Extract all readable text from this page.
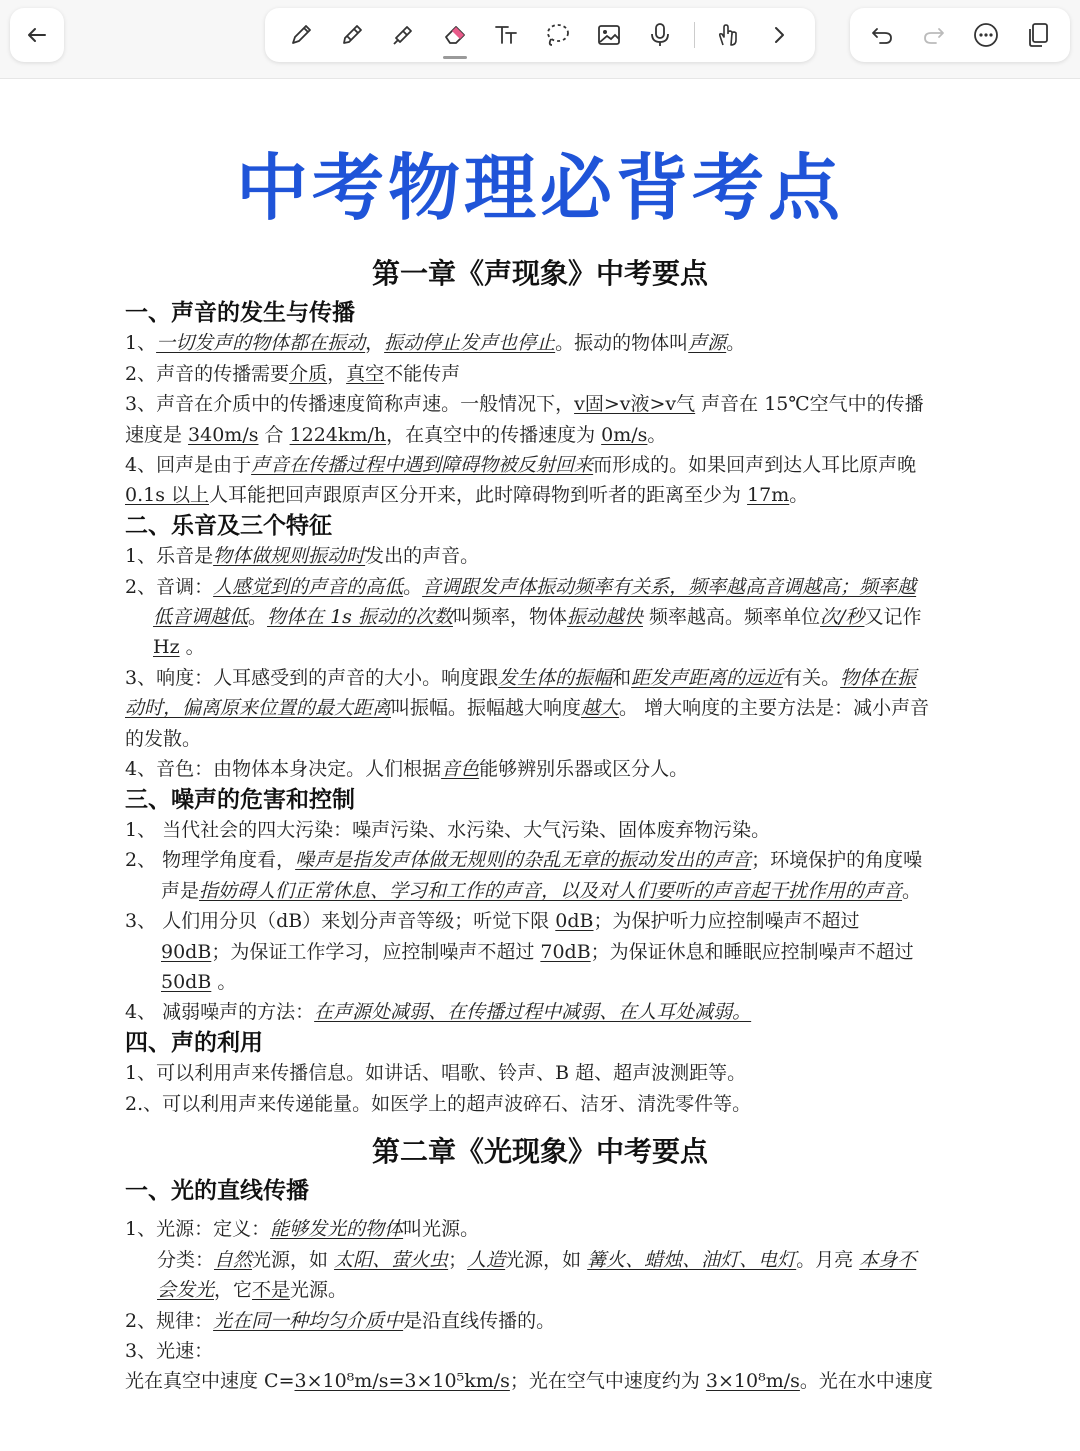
中考物理必背考点
第一章《声现象》中考要点
一、声音的发生与传播

1、一切发声的物体都在振动，振动停止发声也停止。振动的物体叫声源。

2、声音的传播需要介质，真空不能传声

3、声音在介质中的传播速度简称声速。一般情况下，v固>v液>v气 声音在 15℃空气中的传播速度是 340m/s 合 1224km/h，在真空中的传播速度为 0m/s。

4、回声是由于声音在传播过程中遇到障碍物被反射回来而形成的。如果回声到达人耳比原声晚 0.1s 以上人耳能把回声跟原声区分开来，此时障碍物到听者的距离至少为 17m。

二、乐音及三个特征

1、乐音是物体做规则振动时发出的声音。

2、音调：人感觉到的声音的高低。音调跟发声体振动频率有关系，频率越高音调越高；频率越低音调越低。物体在 1s 振动的次数叫频率，物体振动越快 频率越高。频率单位次/秒又记作 Hz 。

3、响度：人耳感受到的声音的大小。响度跟发生体的振幅和距发声距离的远近有关。物体在振动时，偏离原来位置的最大距离叫振幅。振幅越大响度越大。 增大响度的主要方法是：减小声音的发散。

4、音色：由物体本身决定。人们根据音色能够辨别乐器或区分人。

三、噪声的危害和控制

1、 当代社会的四大污染：噪声污染、水污染、大气污染、固体废弃物污染。

2、 物理学角度看，噪声是指发声体做无规则的杂乱无章的振动发出的声音；环境保护的角度噪声是指妨碍人们正常休息、学习和工作的声音，以及对人们要听的声音起干扰作用的声音。

3、 人们用分贝（dB）来划分声音等级；听觉下限 0dB；为保护听力应控制噪声不超过 90dB；为保证工作学习，应控制噪声不超过 70dB；为保证休息和睡眠应控制噪声不超过 50dB 。

4、 减弱噪声的方法：在声源处减弱、在传播过程中减弱、在人耳处减弱。

四、声的利用

1、可以利用声来传播信息。如讲话、唱歌、铃声、B 超、超声波测距等。

2.、可以利用声来传递能量。如医学上的超声波碎石、洁牙、清洗零件等。

第二章《光现象》中考要点
一、光的直线传播

1、光源：定义：能够发光的物体叫光源。

分类：自然光源，如 太阳、萤火虫；人造光源，如 篝火、蜡烛、油灯、电灯。月亮 本身不会发光，它不是光源。

2、规律：光在同一种均匀介质中是沿直线传播的。

3、光速：

光在真空中速度 C=3×10⁸m/s=3×10⁵km/s；光在空气中速度约为 3×10⁸m/s。光在水中速度
